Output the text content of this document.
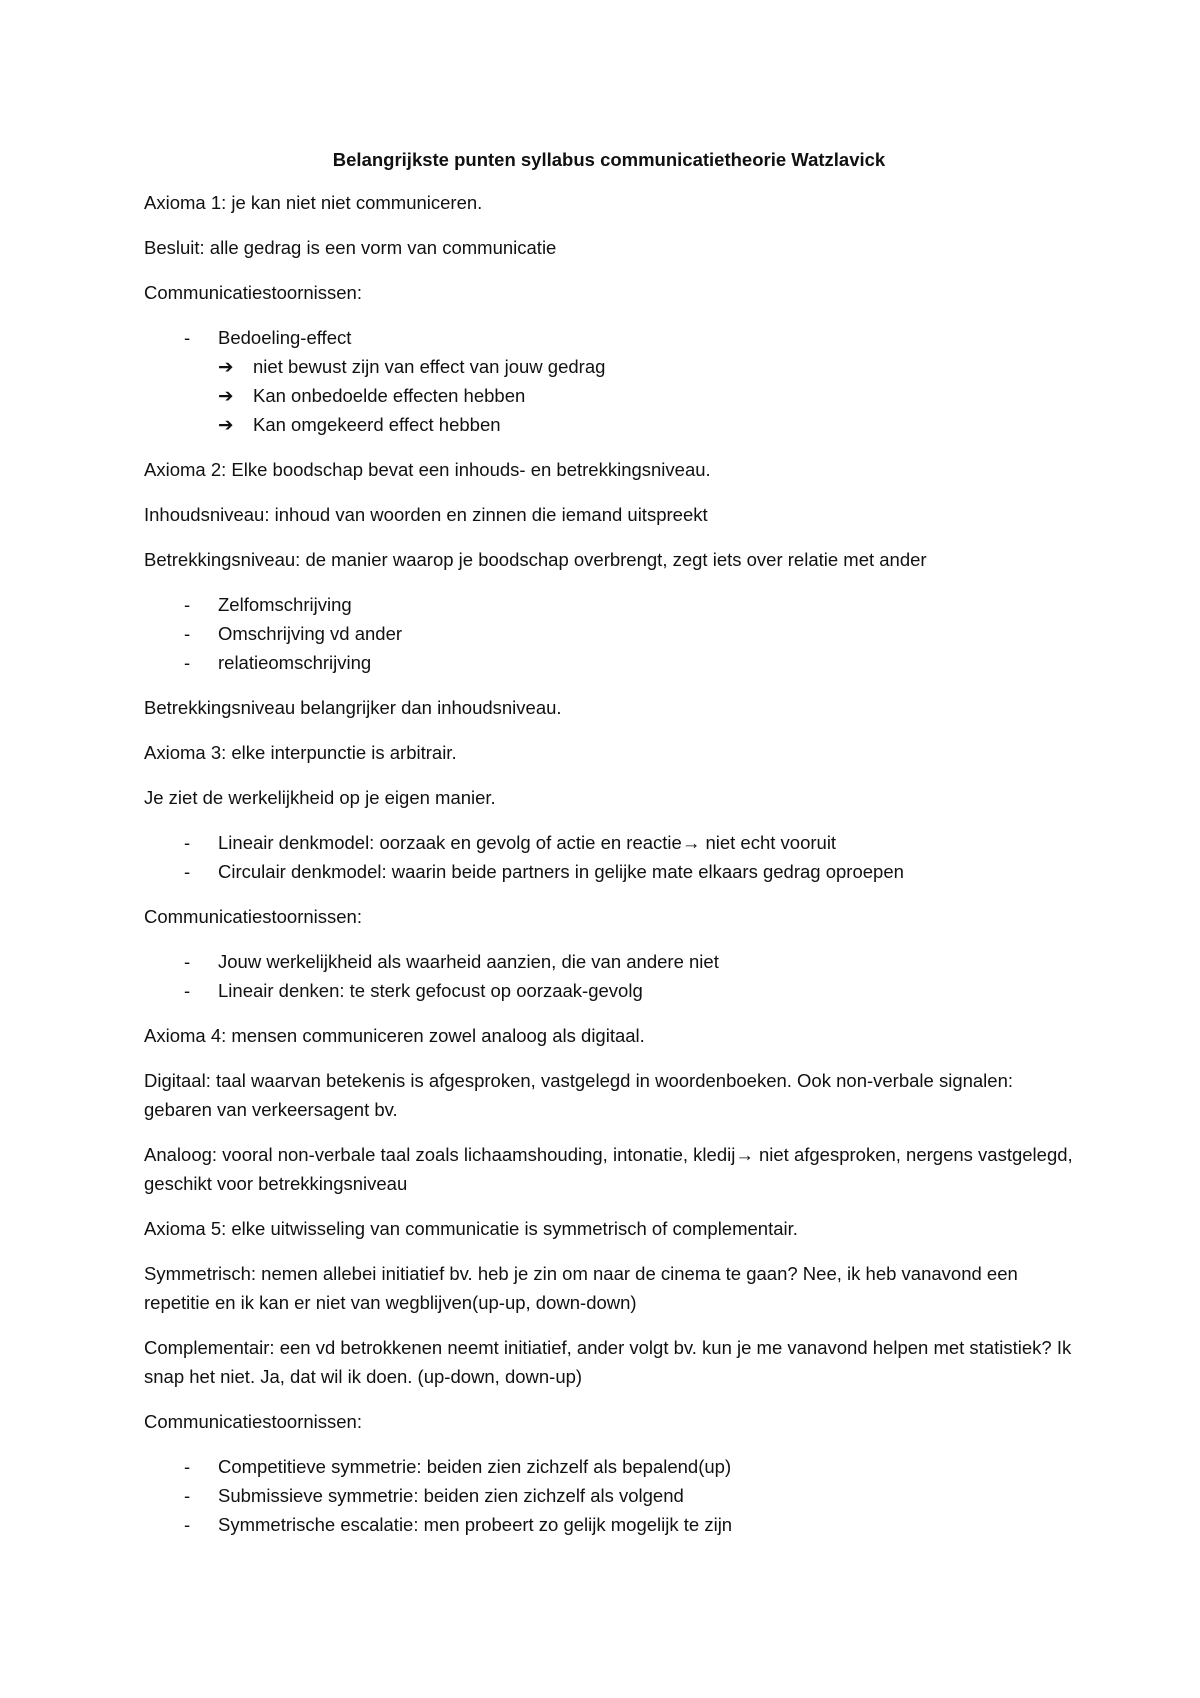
Belangrijkste punten syllabus communicatietheorie Watzlavick

Axioma 1: je kan niet niet communiceren.

Besluit: alle gedrag is een vorm van communicatie

Communicatiestoornissen:

- Bedoeling-effect
➔ niet bewust zijn van effect van jouw gedrag
➔ Kan onbedoelde effecten hebben
➔ Kan omgekeerd effect hebben

Axioma 2: Elke boodschap bevat een inhouds- en betrekkingsniveau.

Inhoudsniveau: inhoud van woorden en zinnen die iemand uitspreekt

Betrekkingsniveau: de manier waarop je boodschap overbrengt, zegt iets over relatie met ander

- Zelfomschrijving
- Omschrijving vd ander
- relatieomschrijving

Betrekkingsniveau belangrijker dan inhoudsniveau.

Axioma 3: elke interpunctie is arbitrair.

Je ziet de werkelijkheid op je eigen manier.

- Lineair denkmodel: oorzaak en gevolg of actie en reactie→ niet echt vooruit
- Circulair denkmodel: waarin beide partners in gelijke mate elkaars gedrag oproepen

Communicatiestoornissen:

- Jouw werkelijkheid als waarheid aanzien, die van andere niet
- Lineair denken: te sterk gefocust op oorzaak-gevolg

Axioma 4: mensen communiceren zowel analoog als digitaal.

Digitaal: taal waarvan betekenis is afgesproken, vastgelegd in woordenboeken. Ook non-verbale signalen: gebaren van verkeersagent bv.

Analoog: vooral non-verbale taal zoals lichaamshouding, intonatie, kledij→ niet afgesproken, nergens vastgelegd, geschikt voor betrekkingsniveau

Axioma 5: elke uitwisseling van communicatie is symmetrisch of complementair.

Symmetrisch: nemen allebei initiatief bv. heb je zin om naar de cinema te gaan? Nee, ik heb vanavond een repetitie en ik kan er niet van wegblijven(up-up, down-down)

Complementair: een vd betrokkenen neemt initiatief, ander volgt bv. kun je me vanavond helpen met statistiek? Ik snap het niet. Ja, dat wil ik doen. (up-down, down-up)

Communicatiestoornissen:

- Competitieve symmetrie: beiden zien zichzelf als bepalend(up)
- Submissieve symmetrie: beiden zien zichzelf als volgend
- Symmetrische escalatie: men probeert zo gelijk mogelijk te zijn
